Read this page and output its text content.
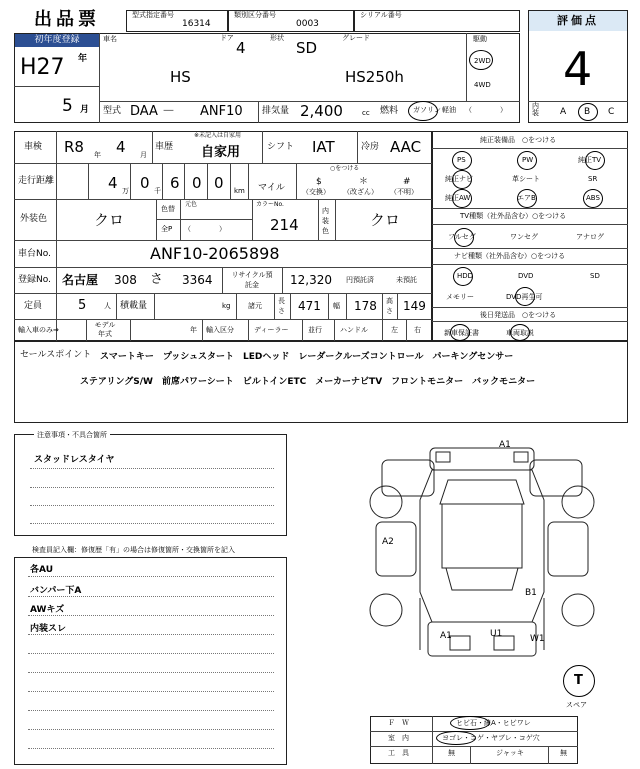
出品票	型式指定番号
16314
類別区分番号
0003
シリアル番号
初年度登録
H27 年
5 月
車名	ドア
4
形状
SD
グレード
HS	HS250h
駆動
2WD
4WD
型式 DAA － ANF10 排気量 2,400	cc 燃料 ガソリン 軽油 （　　　　）
評価点
4
内装 A B C
車検 R8 年 4 月
車歴
※未記入は自家用
自家用	シフト IAT	冷房 AAC
走行距離	4 万 0 千 6 0 0 km マイル
○をつける
$
（交換）
＊
（改ざん）
#
（不明）
外装色	クロ
色替
全P
元色
（　　　　）
カラーNo.
214
内装色
クロ
車台No.	ANF10-2065898
登録No. 名古屋 308 さ 3364	リサイクル預託金	12,320 円預託済	未預託
定員	5	人 積載量	kg	諸元
長さ 471 幅 178 高さ 149
輸入車のみ⇒
モデル年式	年 輸入区分	ディーラー	並行	ハンドル	左 右
純正装備品　○をつける
PS	PW	純正TV
純正ナビ	革シート	SR
純正AW	エアB	ABS
TV種類（社外品含む）○をつける
フルセグ	ワンセグ	アナログ
ナビ種類（社外品含む）○をつける
HDD	DVD	SD
メモリー	DVD再生可
後日発送品　○をつける
新車保証書	車両取説
セールスポイント スマートキー　プッシュスタート　LEDヘッド　レーダークルーズコントロール　パーキングセンサー
ステアリングS/W　前席パワーシート　ビルトインETC　メーカーナビTV　フロントモニター　バックモニター
注意事項・不具合箇所
スタッドレスタイヤ
検査員記入欄：修復歴「有」の場合は修復箇所・交換箇所を記入
各AU
バンパー下A
AWキズ
内装スレ
A1
A2
B1
A1	U1	W1
T
スペア
Ｆ　Ｗ	ヒビ石・線A・ヒビワレ
室　内	ヨゴレ・コゲ・ヤブレ・コゲ穴
工　具	無	ジャッキ	無
